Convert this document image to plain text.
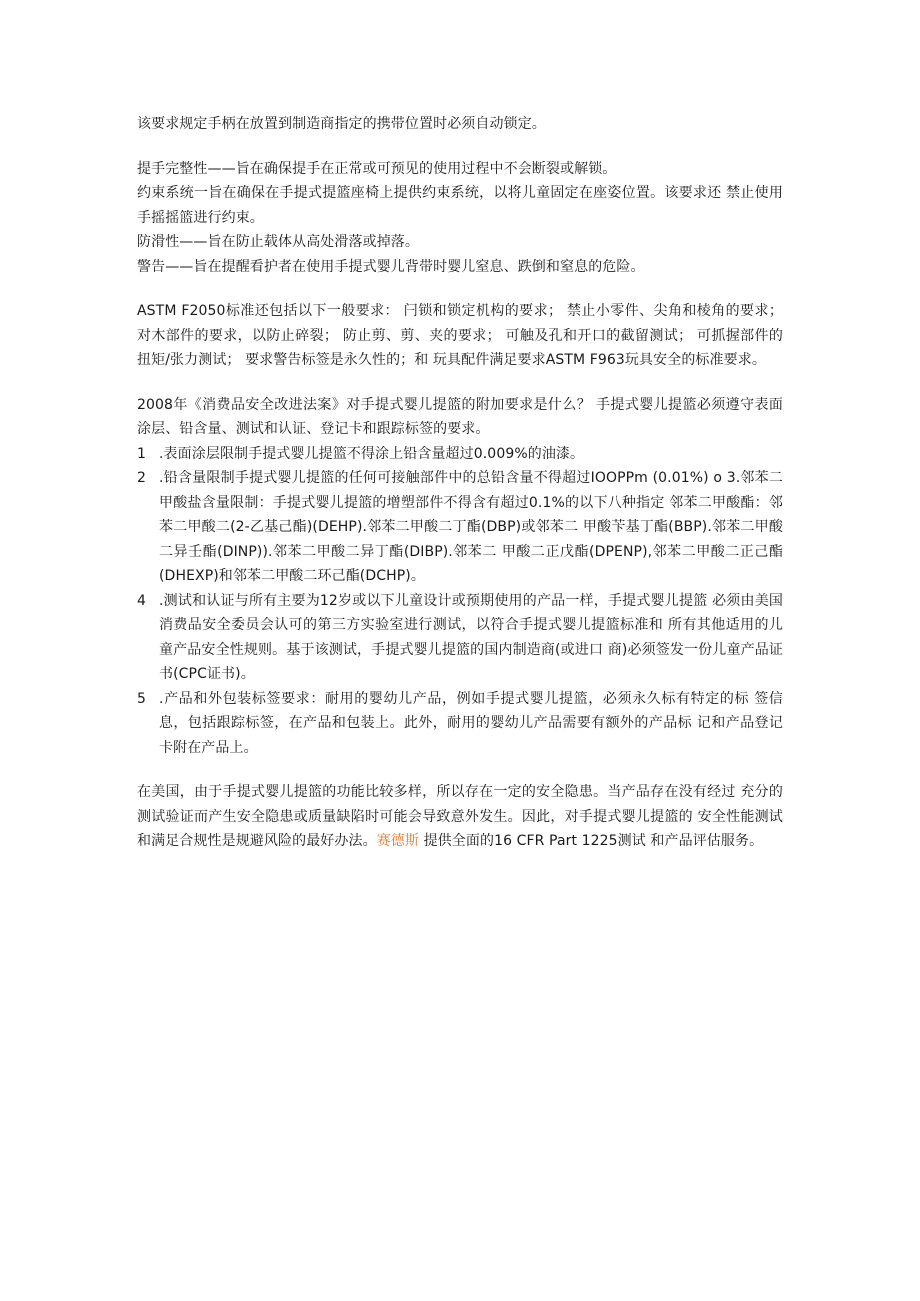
该要求规定手柄在放置到制造商指定的携带位置时必须自动锁定。

提手完整性——旨在确保提手在正常或可预见的使用过程中不会断裂或解锁。

约束系统一旨在确保在手提式提篮座椅上提供约束系统，以将儿童固定在座姿位置。该要求还 禁止使用手摇摇篮进行约束。

防滑性——旨在防止载体从高处滑落或掉落。

警告——旨在提醒看护者在使用手提式婴儿背带时婴儿窒息、跌倒和窒息的危险。

ASTM F2050标准还包括以下一般要求： 闩锁和锁定机构的要求； 禁止小零件、尖角和棱角的要求； 对木部件的要求，以防止碎裂； 防止剪、剪、夹的要求； 可触及孔和开口的截留测试； 可抓握部件的扭矩/张力测试； 要求警告标签是永久性的；和 玩具配件满足要求ASTM F963玩具安全的标准要求。

2008年《消费品安全改进法案》对手提式婴儿提篮的附加要求是什么？ 手提式婴儿提篮必须遵守表面涂层、铅含量、测试和认证、登记卡和跟踪标签的要求。

1 .表面涂层限制手提式婴儿提篮不得涂上铅含量超过0.009%的油漆。
2 .铅含量限制手提式婴儿提篮的任何可接触部件中的总铅含量不得超过IOOPPm (0.01%) o 3.邻苯二甲酸盐含量限制：手提式婴儿提篮的增塑部件不得含有超过0.1%的以下八种指定 邻苯二甲酸酯：邻苯二甲酸二(2-乙基己酯)(DEHP).邻苯二甲酸二丁酯(DBP)或邻苯二 甲酸苄基丁酯(BBP).邻苯二甲酸二异壬酯(DINP)).邻苯二甲酸二异丁酯(DIBP).邻苯二 甲酸二正戊酯(DPENP),邻苯二甲酸二正己酯(DHEXP)和邻苯二甲酸二环己酯(DCHP)。
4 .测试和认证与所有主要为12岁或以下儿童设计或预期使用的产品一样，手提式婴儿提篮 必须由美国消费品安全委员会认可的第三方实验室进行测试，以符合手提式婴儿提篮标准和 所有其他适用的儿童产品安全性规则。基于该测试，手提式婴儿提篮的国内制造商(或进口 商)必须签发一份儿童产品证书(CPC证书)。
5 .产品和外包装标签要求：耐用的婴幼儿产品，例如手提式婴儿提篮，必须永久标有特定的标 签信息，包括跟踪标签，在产品和包装上。此外，耐用的婴幼儿产品需要有额外的产品标 记和产品登记卡附在产品上。

在美国，由于手提式婴儿提篮的功能比较多样，所以存在一定的安全隐患。当产品存在没有经过 充分的测试验证而产生安全隐患或质量缺陷时可能会导致意外发生。因此，对手提式婴儿提篮的 安全性能测试和满足合规性是规避风险的最好办法。赛德斯 提供全面的16 CFR Part 1225测试 和产品评估服务。
